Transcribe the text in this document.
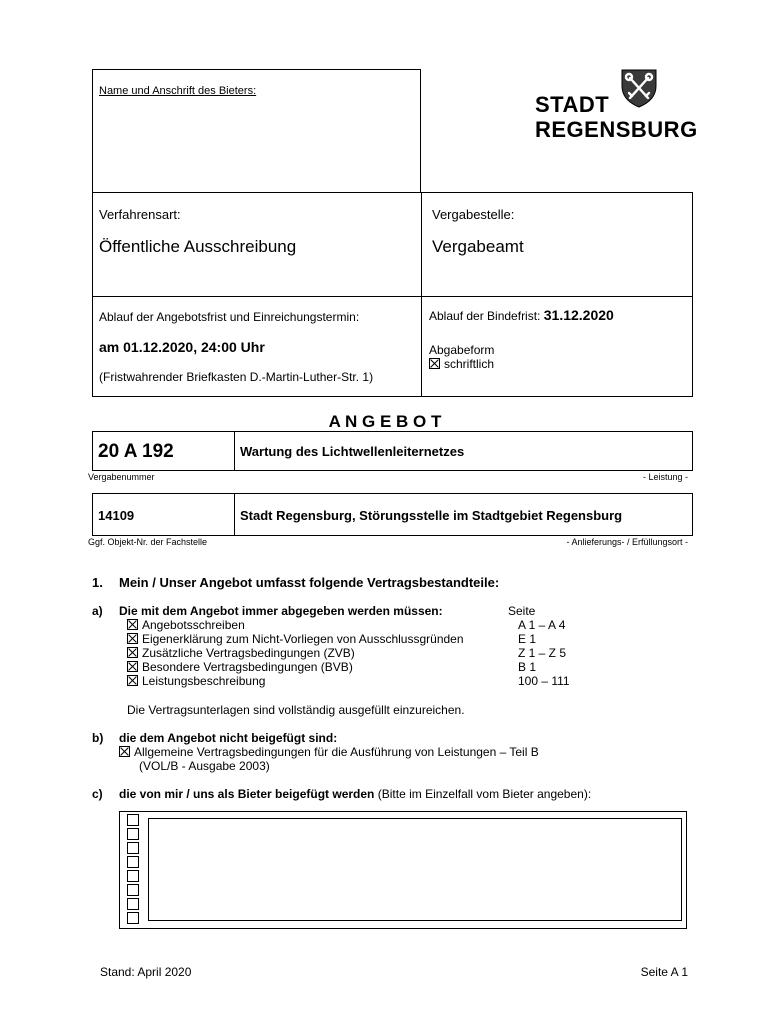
Name und Anschrift des Bieters:
STADT
REGENSBURG
Verfahrensart:
Öffentliche Ausschreibung
Vergabestelle:
Vergabeamt
Ablauf der Angebotsfrist und Einreichungstermin:
am 01.12.2020, 24:00 Uhr
(Fristwahrender Briefkasten D.-Martin-Luther-Str. 1)
Ablauf der Bindefrist: 31.12.2020
Abgabeform
schriftlich
A N G E B O T
20 A 192	Wartung des Lichtwellenleiternetzes
Vergabenummer	- Leistung -
14109	Stadt Regensburg, Störungsstelle im Stadtgebiet Regensburg
Ggf. Objekt-Nr. der Fachstelle	- Anlieferungs- / Erfüllungsort -
1. Mein / Unser Angebot umfasst folgende Vertragsbestandteile:
a) Die mit dem Angebot immer abgegeben werden müssen:	Seite
Angebotsschreiben	A 1 – A 4
Eigenerklärung zum Nicht-Vorliegen von Ausschlussgründen	E 1
Zusätzliche Vertragsbedingungen (ZVB)	Z 1 – Z 5
Besondere Vertragsbedingungen (BVB)	B 1
Leistungsbeschreibung	100 – 111
Die Vertragsunterlagen sind vollständig ausgefüllt einzureichen.
b) die dem Angebot nicht beigefügt sind:
Allgemeine Vertragsbedingungen für die Ausführung von Leistungen – Teil B
(VOL/B - Ausgabe 2003)
c) die von mir / uns als Bieter beigefügt werden (Bitte im Einzelfall vom Bieter angeben):
Stand: April 2020	Seite A 1
